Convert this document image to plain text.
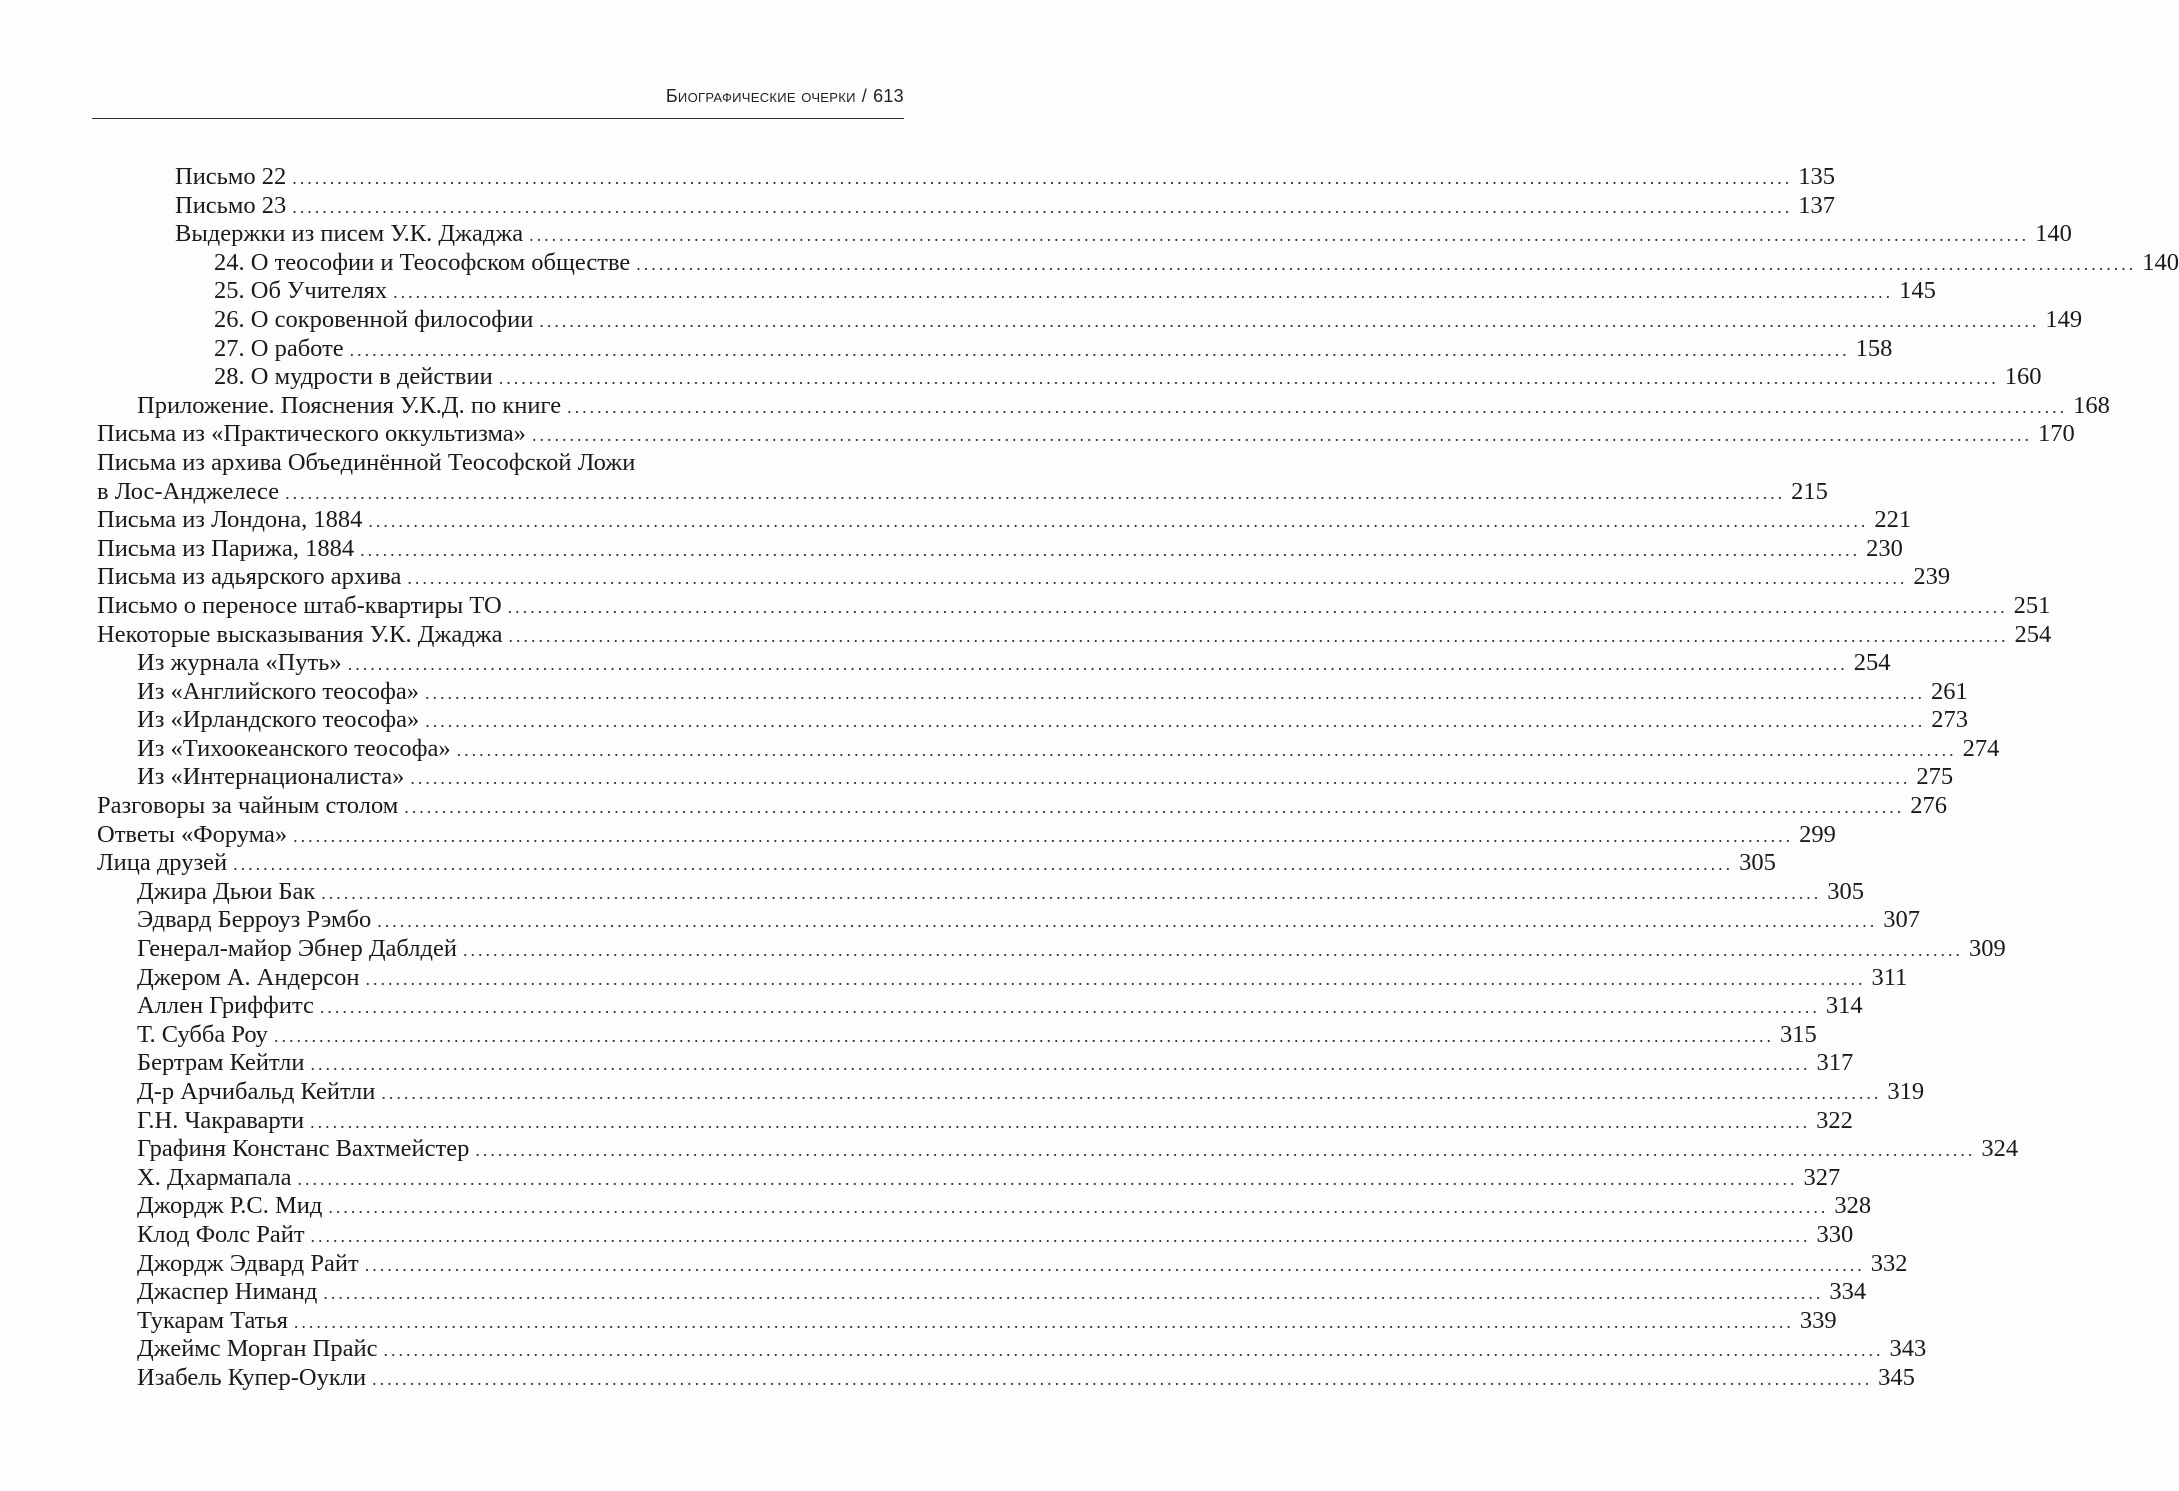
Биографические очерки / 613
Письмо 22 ........................................................................................................................................................................................................ 135
Письмо 23 ........................................................................................................................................................................................................ 137
Выдержки из писем У.К. Джаджа ........................................................................................................................................................................................................ 140
24. О теософии и Теософском обществе ........................................................................................................................................................................................................ 140
25. Об Учителях ........................................................................................................................................................................................................ 145
26. О сокровенной философии ........................................................................................................................................................................................................ 149
27. О работе ........................................................................................................................................................................................................ 158
28. О мудрости в действии ........................................................................................................................................................................................................ 160
Приложение. Пояснения У.К.Д. по книге ........................................................................................................................................................................................................ 168
Письма из «Практического оккультизма» ........................................................................................................................................................................................................ 170
Письма из архива Объединённой Теософской Ложи
в Лос-Анджелесе ........................................................................................................................................................................................................ 215
Письма из Лондона, 1884 ........................................................................................................................................................................................................ 221
Письма из Парижа, 1884 ........................................................................................................................................................................................................ 230
Письма из адьярского архива ........................................................................................................................................................................................................ 239
Письмо о переносе штаб-квартиры ТО ........................................................................................................................................................................................................ 251
Некоторые высказывания У.К. Джаджа ........................................................................................................................................................................................................ 254
Из журнала «Путь» ........................................................................................................................................................................................................ 254
Из «Английского теософа» ........................................................................................................................................................................................................ 261
Из «Ирландского теософа» ........................................................................................................................................................................................................ 273
Из «Тихоокеанского теософа» ........................................................................................................................................................................................................ 274
Из «Интернационалиста» ........................................................................................................................................................................................................ 275
Разговоры за чайным столом ........................................................................................................................................................................................................ 276
Ответы «Форума» ........................................................................................................................................................................................................ 299
Лица друзей ........................................................................................................................................................................................................ 305
Джира Дьюи Бак ........................................................................................................................................................................................................ 305
Эдвард Берроуз Рэмбо ........................................................................................................................................................................................................ 307
Генерал-майор Эбнер Даблдей ........................................................................................................................................................................................................ 309
Джером А. Андерсон ........................................................................................................................................................................................................ 311
Аллен Гриффитс ........................................................................................................................................................................................................ 314
Т. Субба Роу ........................................................................................................................................................................................................ 315
Бертрам Кейтли ........................................................................................................................................................................................................ 317
Д-р Арчибальд Кейтли ........................................................................................................................................................................................................ 319
Г.Н. Чакраварти ........................................................................................................................................................................................................ 322
Графиня Констанс Вахтмейстер ........................................................................................................................................................................................................ 324
Х. Дхармапала ........................................................................................................................................................................................................ 327
Джордж Р.С. Мид ........................................................................................................................................................................................................ 328
Клод Фолс Райт ........................................................................................................................................................................................................ 330
Джордж Эдвард Райт ........................................................................................................................................................................................................ 332
Джаспер Ниманд ........................................................................................................................................................................................................ 334
Тукарам Татья ........................................................................................................................................................................................................ 339
Джеймс Морган Прайс ........................................................................................................................................................................................................ 343
Изабель Купер-Оукли ........................................................................................................................................................................................................ 345
